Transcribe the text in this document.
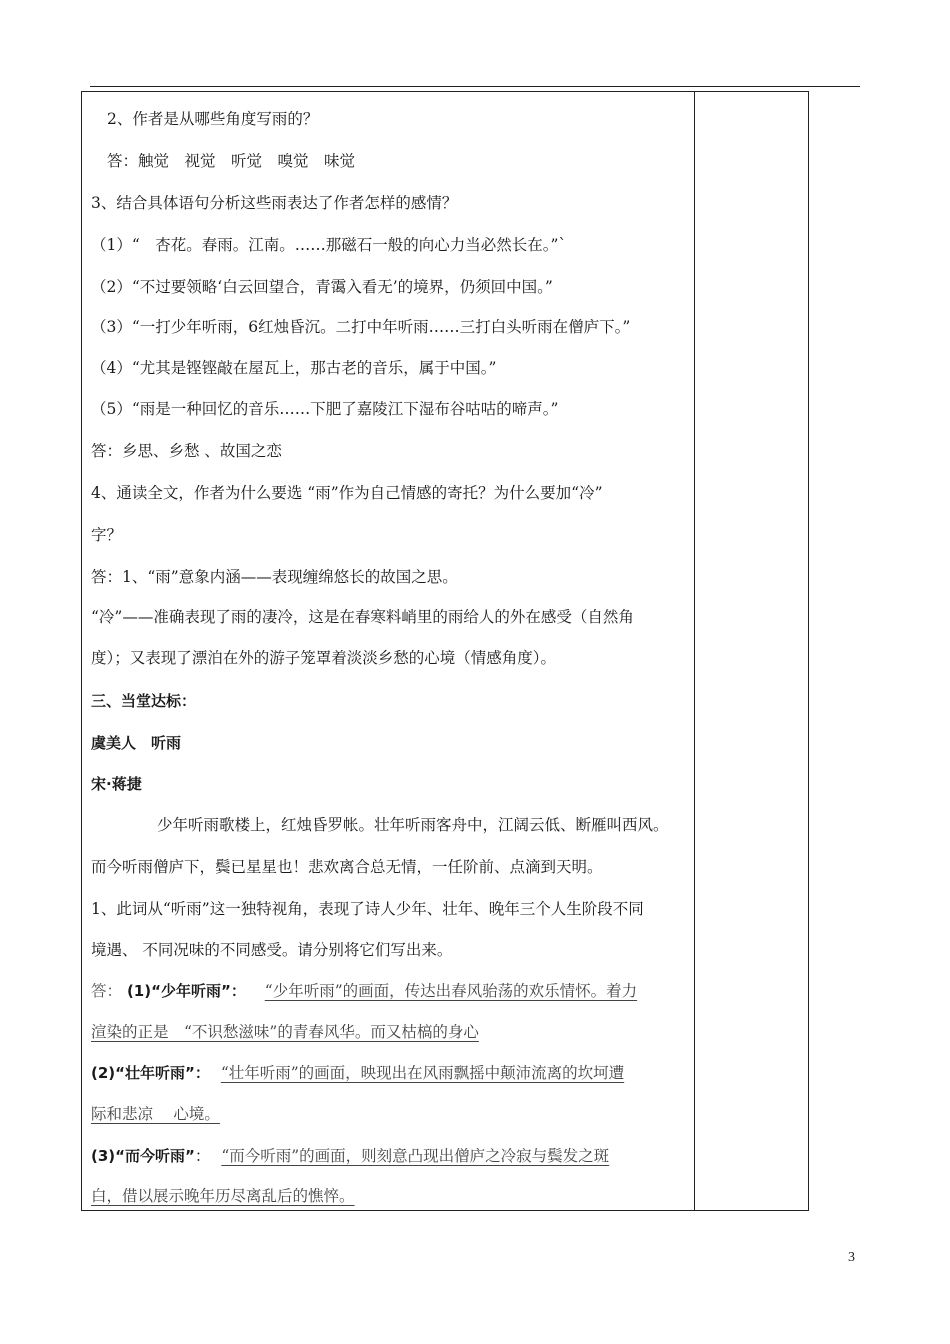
2、作者是从哪些角度写雨的？
答：触觉　视觉　听觉　嗅觉　味觉
3、结合具体语句分析这些雨表达了作者怎样的感情？
（1）“　杏花。春雨。江南。……那磁石一般的向心力当必然长在。”`
（2）“不过要领略‘白云回望合，青霭入看无’的境界，仍须回中国。”
（3）“一打少年听雨，6红烛昏沉。二打中年听雨……三打白头听雨在僧庐下。”
（4）“尤其是铿铿敲在屋瓦上，那古老的音乐，属于中国。”
（5）“雨是一种回忆的音乐……下肥了嘉陵江下湿布谷咕咕的啼声。”
答：乡思、乡愁 、故国之恋
4、通读全文，作者为什么要选 “雨”作为自己情感的寄托？为什么要加“冷”
字？
答：1、“雨”意象内涵——表现缠绵悠长的故国之思。
“冷”——准确表现了雨的凄冷，这是在春寒料峭里的雨给人的外在感受（自然角
度）；又表现了漂泊在外的游子笼罩着淡淡乡愁的心境（情感角度）。
三、当堂达标：
虞美人　听雨
宋·蒋捷
少年听雨歌楼上，红烛昏罗帐。壮年听雨客舟中，江阔云低、断雁叫西风。
而今听雨僧庐下，鬓已星星也！悲欢离合总无情，一任阶前、点滴到天明。
1、此词从“听雨”这一独特视角，表现了诗人少年、壮年、晚年三个人生阶段不同
境遇、 不同况味的不同感受。请分别将它们写出来。
答： (1)“少年听雨”： “少年听雨”的画面，传达出春风骀荡的欢乐情怀。着力
渲染的正是　“不识愁滋味”的青春风华。而又枯槁的身心
(2)“壮年听雨”： “壮年听雨”的画面，映现出在风雨飘摇中颠沛流离的坎坷遭
际和悲凉　 心境。
(3)“而今听雨”： “而今听雨”的画面，则刻意凸现出僧庐之冷寂与鬓发之斑
白，借以展示晚年历尽离乱后的憔悴。
3
